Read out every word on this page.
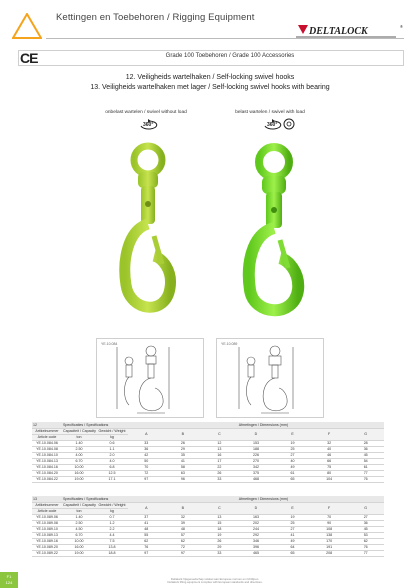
Kettingen en Toebehoren / Rigging Equipment
DELTALOCK	®
CE	Grade 100 Toebehoren / Grade 100 Accessories
12. Veiligheids wartelhaken / Self-locking swivel hooks
13. Veiligheids wartelhaken met lager / Self-locking swivel hooks with bearing
onbelast wartelen / swivel without load	belast wartelen / swivel with load
360°	360°
YE.10.084	YE.10.089
12	Specificaties / Specifications					Afmetingen / Dimensions (mm)			
Artikelnummer	Capaciteit / Capacity	Gewicht / Weight	A	B	C	D	E	F	G
Article code	ton	kg							
YE.10.084.06	1.40	0.6	33	26	12	153	19	32	28
YE.10.084.08	2.50	1.1	36	29	13	188	25	40	36
YE.10.084.10	4.00	2.0	42	35	16	226	27	46	45
YE.10.084.13	6.70	4.0	50	41	17	270	40	66	54
YE.10.084.16	10.00	6.8	70	58	22	342	49	75	61
YE.10.084.20	16.00	12.5	72	63	26	375	61	80	77
YE.10.084.22	19.00	17.1	97	96	33	468	65	104	76
13	Specificaties / Specifications					Afmetingen / Dimensions (mm)			
Artikelnummer	Capaciteit / Capacity	Gewicht / Weight	A	B	C	D	E	F	G
Article code	ton	kg							
YE.10.089.06	1.40	0.7	37	32	13	163	19	70	27
YE.10.089.08	2.50	1.2	41	39	15	202	25	90	36
YE.10.089.10	4.50	2.2	48	48	18	244	27	108	45
YE.10.089.13	6.70	4.4	55	57	19	292	41	138	53
YE.10.089.16	10.00	7.5	62	62	26	346	49	170	62
YE.10.089.20	16.00	13.8	76	72	29	396	64	191	76
YE.10.089.22	19.00	18.8	97	97	33	465	65	208	77
Deltalock hijsgereedschap voldoet aan Europese normen en richtlijnen.
Deltalock lifting equipment complies with European standards and directives.
F1
124
